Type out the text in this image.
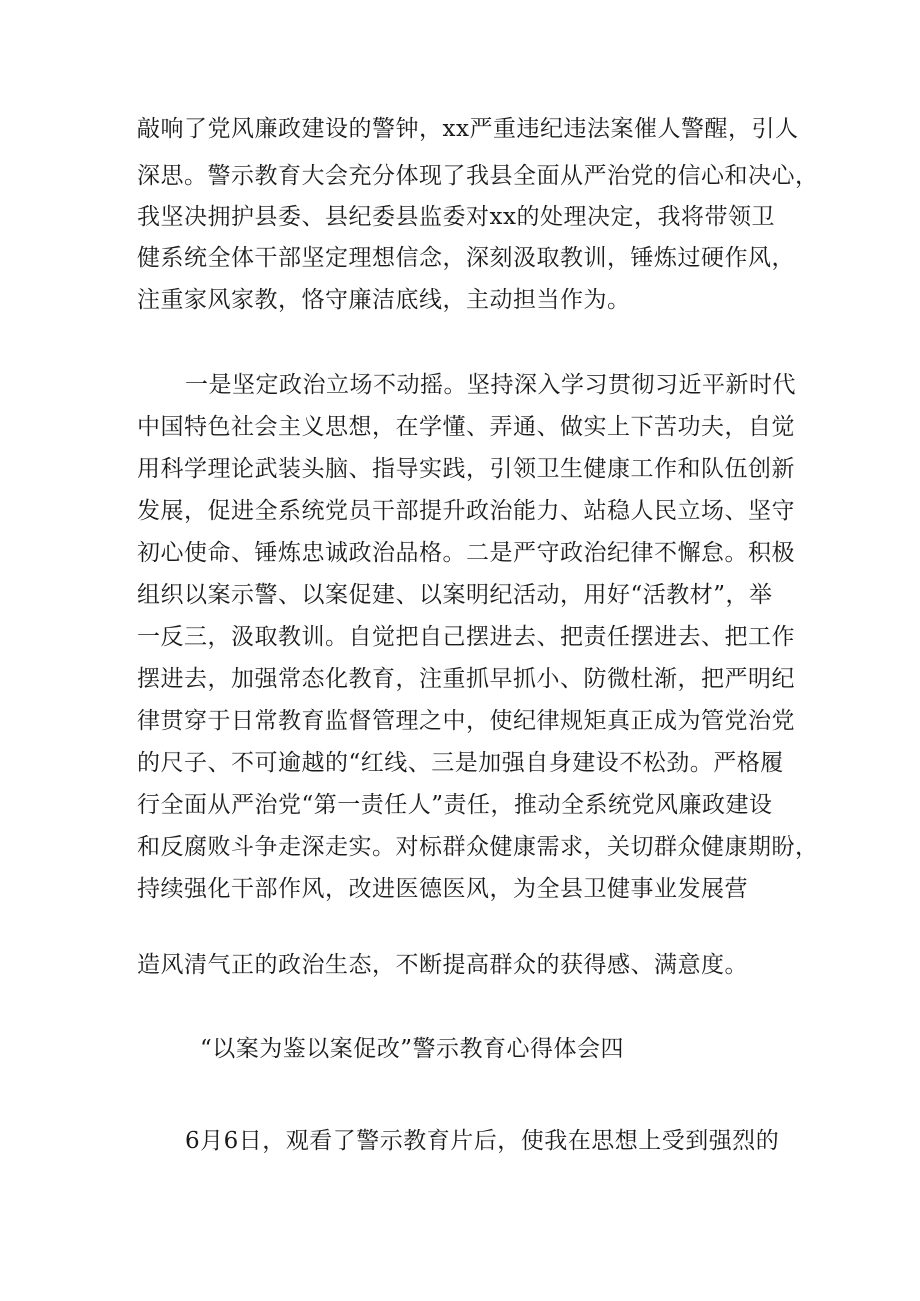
敲响了党风廉政建设的警钟，xx严重违纪违法案催人警醒，引人
深思。警示教育大会充分体现了我县全面从严治党的信心和决心，
我坚决拥护县委、县纪委县监委对xx的处理决定，我将带领卫
健系统全体干部坚定理想信念，深刻汲取教训，锤炼过硬作风，
注重家风家教，恪守廉洁底线，主动担当作为。
一是坚定政治立场不动摇。坚持深入学习贯彻习近平新时代
中国特色社会主义思想，在学懂、弄通、做实上下苦功夫，自觉
用科学理论武装头脑、指导实践，引领卫生健康工作和队伍创新
发展，促进全系统党员干部提升政治能力、站稳人民立场、坚守
初心使命、锤炼忠诚政治品格。二是严守政治纪律不懈怠。积极
组织以案示警、以案促建、以案明纪活动，用好“活教材”，举
一反三，汲取教训。自觉把自己摆进去、把责任摆进去、把工作
摆进去，加强常态化教育，注重抓早抓小、防微杜渐，把严明纪
律贯穿于日常教育监督管理之中，使纪律规矩真正成为管党治党
的尺子、不可逾越的“红线、三是加强自身建设不松劲。严格履
行全面从严治党“第一责任人”责任，推动全系统党风廉政建设
和反腐败斗争走深走实。对标群众健康需求，关切群众健康期盼，
持续强化干部作风，改进医德医风，为全县卫健事业发展营
造风清气正的政治生态，不断提高群众的获得感、满意度。
“以案为鉴以案促改”警示教育心得体会四
6月6日，观看了警示教育片后，使我在思想上受到强烈的
